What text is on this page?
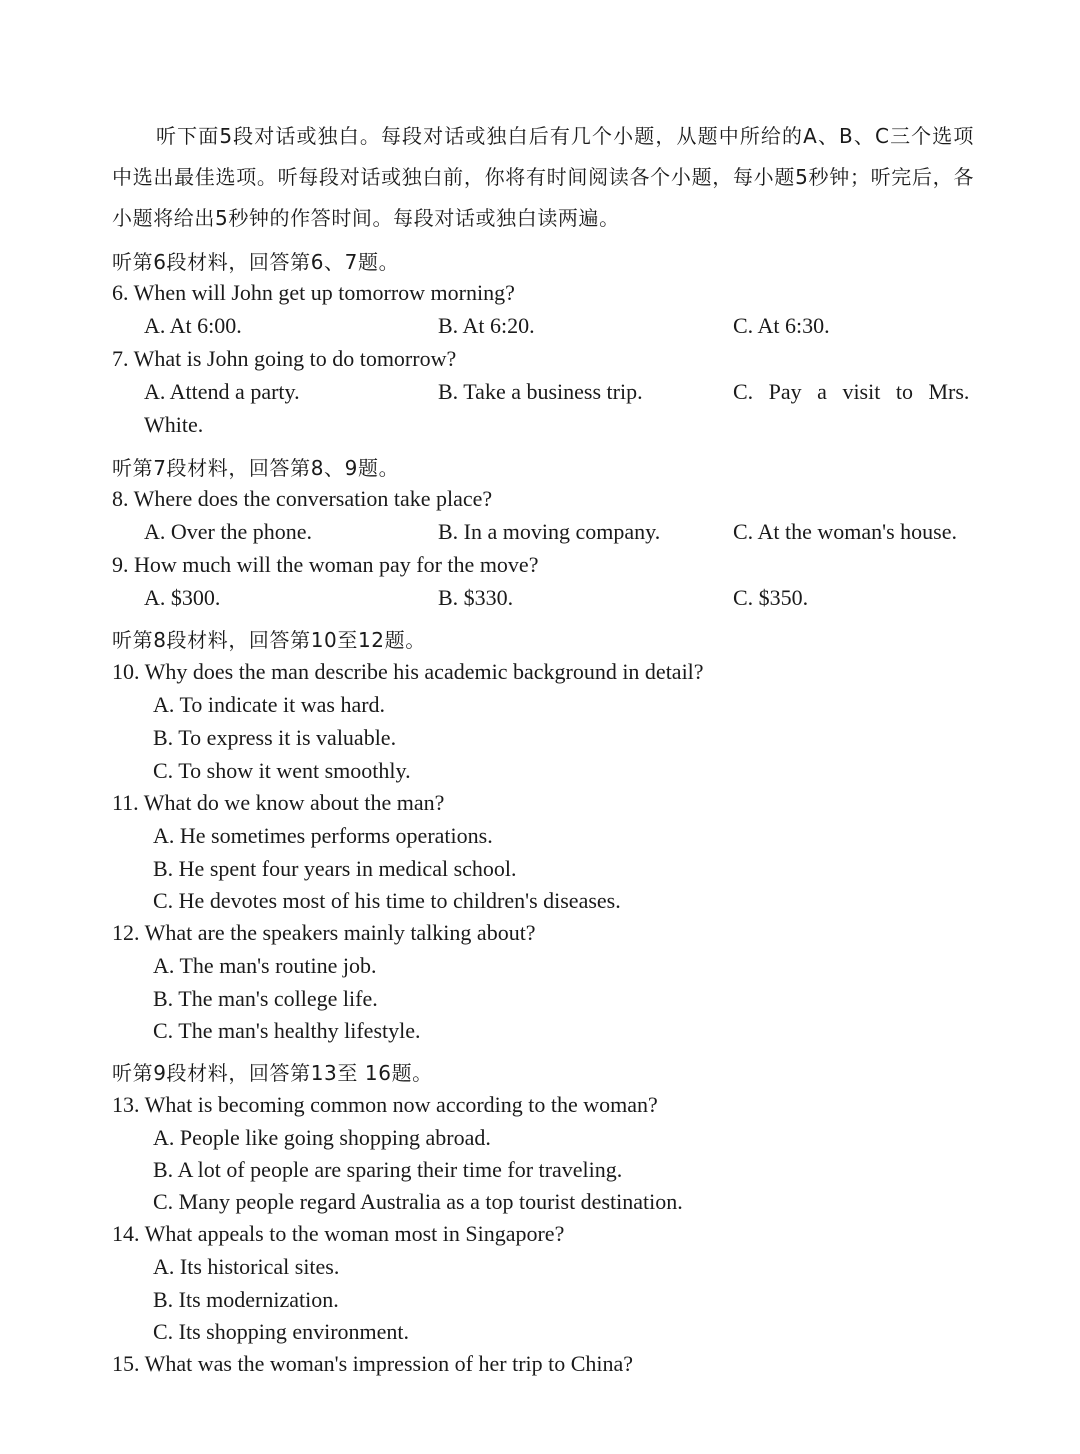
听下面5段对话或独白。每段对话或独白后有几个小题，从题中所给的A、B、C三个选项中选出最佳选项。听每段对话或独白前，你将有时间阅读各个小题，每小题5秒钟；听完后，各小题将给出5秒钟的作答时间。每段对话或独白读两遍。
听第6段材料，回答第6、7题。
6. When will John get up tomorrow morning?
A. At 6:00.	B. At 6:20.	C. At 6:30.
7. What is John going to do tomorrow?
A. Attend a party.	B. Take a business trip.	C. Pay a visit to Mrs.
White.
听第7段材料，回答第8、9题。
8. Where does the conversation take place?
A. Over the phone.	B. In a moving company.	C. At the woman's house.
9. How much will the woman pay for the move?
A. $300.	B. $330.	C. $350.
听第8段材料，回答第10至12题。
10. Why does the man describe his academic background in detail?
A. To indicate it was hard.
B. To express it is valuable.
C. To show it went smoothly.
11. What do we know about the man?
A. He sometimes performs operations.
B. He spent four years in medical school.
C. He devotes most of his time to children's diseases.
12. What are the speakers mainly talking about?
A. The man's routine job.
B. The man's college life.
C. The man's healthy lifestyle.
听第9段材料，回答第13至 16题。
13. What is becoming common now according to the woman?
A. People like going shopping abroad.
B. A lot of people are sparing their time for traveling.
C. Many people regard Australia as a top tourist destination.
14. What appeals to the woman most in Singapore?
A. Its historical sites.
B. Its modernization.
C. Its shopping environment.
15. What was the woman's impression of her trip to China?
